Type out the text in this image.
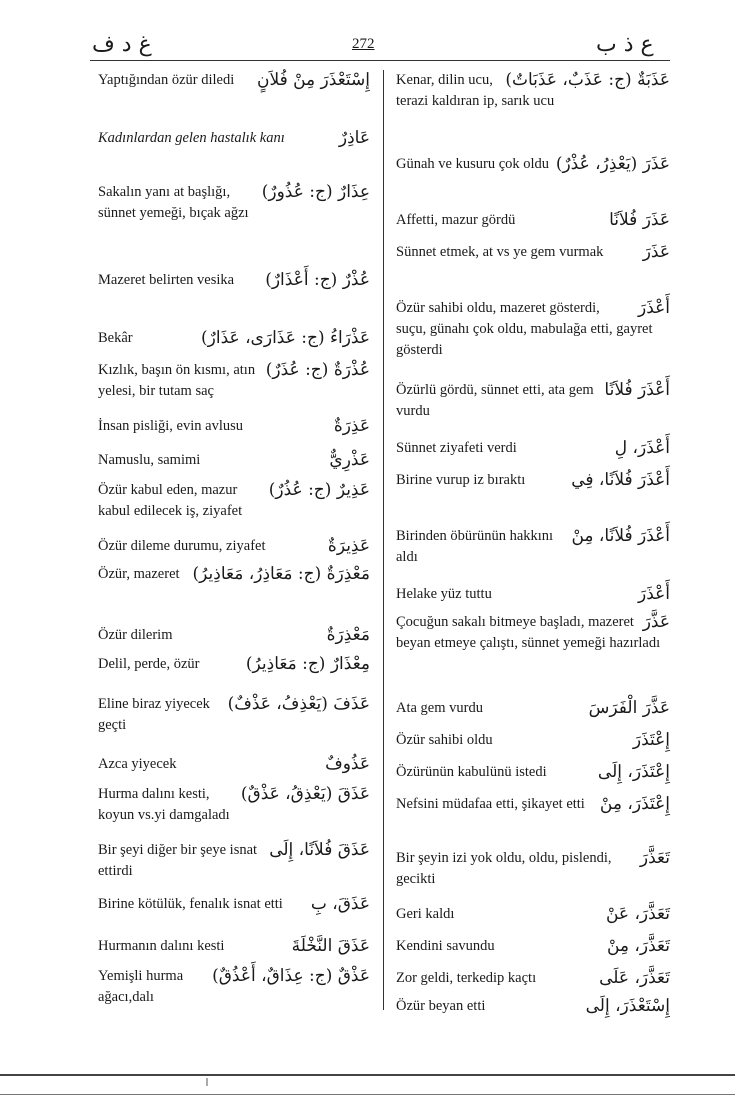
غ د ف	272	ع ذ ب
إِسْتَعْذَرَ مِنْ فُلاَنٍ
Yaptığından özür diledi
عَاذِرٌ
Kadınlardan gelen hastalık kanı
عِذَارٌ (ج: عُذُورٌ)
Sakalın yanı at başlığı, sünnet yemeği, bıçak ağzı
عُذْرٌ (ج: أَعْذَارٌ)
Mazeret belirten vesika
عَذْرَاءُ (ج: عَذَارَى، عَذَارٌ)
Bekâr
عُذْرَةٌ (ج: عُذَرٌ)
Kızlık, başın ön kısmı, atın yelesi, bir tutam saç
عَذِرَةٌ
İnsan pisliği, evin avlusu
عَذْرِيٌّ
Namuslu, samimi
عَذِيرٌ (ج: عُذُرٌ)
Özür kabul eden, mazur kabul edilecek iş, ziyafet
عَذِيرَةٌ
Özür dileme durumu, ziyafet
مَعْذِرَةٌ (ج: مَعَاذِرُ، مَعَاذِيرُ)
Özür, mazeret
مَعْذِرَةٌ
Özür dilerim
مِعْذَارٌ (ج: مَعَاذِيرُ)
Delil, perde, özür
عَذَفَ (يَعْذِفُ، عَذْفٌ)
Eline biraz yiyecek geçti
عَذُوفٌ
Azca yiyecek
عَذَقَ (يَعْذِقُ، عَذْقٌ)
Hurma dalını kesti, koyun vs.yi damgaladı
عَذَقَ فُلاَنًا، إِلَى
Bir şeyi diğer bir şeye isnat ettirdi
عَذَقَ، بِ
Birine kötülük, fenalık isnat etti
عَذَقَ النَّخْلَةَ
Hurmanın dalını kesti
عَذْقٌ (ج: عِذَاقٌ، أَعْذُقٌ)
Yemişli hurma ağacı,dalı
عَذَبَةٌ (ج: عَذَبٌ، عَذَبَاتٌ)
Kenar, dilin ucu, terazi kaldıran ip, sarık ucu
عَذَرَ (يَعْذِرُ، عُذْرٌ)
Günah ve kusuru çok oldu
عَذَرَ فُلاَنًا
Affetti, mazur gördü
عَذَرَ
Sünnet etmek, at vs ye gem vurmak
أَعْذَرَ
Özür sahibi oldu, mazeret gösterdi, suçu, günahı çok oldu, mabulağa etti, gayret gösterdi
أَعْذَرَ فُلاَنًا
Özürlü gördü, sünnet etti, ata gem vurdu
أَعْذَرَ، لِ
Sünnet ziyafeti verdi
أَعْذَرَ فُلاَنًا، فِي
Birine vurup iz bıraktı
أَعْذَرَ فُلاَنًا، مِنْ
Birinden öbürünün hakkını aldı
أَعْذَرَ
Helake yüz tuttu
عَذَّرَ
Çocuğun sakalı bitmeye başladı, mazeret beyan etmeye çalıştı, sünnet yemeği hazırladı
عَذَّرَ الْفَرَسَ
Ata gem vurdu
إِعْتَذَرَ
Özür sahibi oldu
إِعْتَذَرَ، إِلَى
Özürünün kabulünü istedi
إِعْتَذَرَ، مِنْ
Nefsini müdafaa etti, şikayet etti
تَعَذَّرَ
Bir şeyin izi yok oldu, oldu, pislendi, gecikti
تَعَذَّرَ، عَنْ
Geri kaldı
تَعَذَّرَ، مِنْ
Kendini savundu
تَعَذَّرَ، عَلَى
Zor geldi, terkedip kaçtı
إِسْتَعْذَرَ، إِلَى
Özür beyan etti
